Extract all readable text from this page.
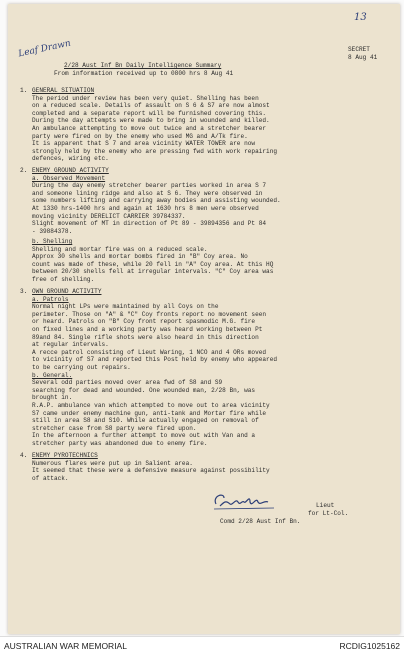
Leaf Drawn
13
SECRET
8 Aug 41
2/28 Aust Inf Bn Daily Intelligence Summary
From information received up to 0800 hrs 8 Aug 41
1. GENERAL SITUATION
The period under review has been very quiet. Shelling has been
on a reduced scale. Details of assault on S 6 & S7 are now almost
completed and a separate report will be furnished covering this.
During the day attempts were made to bring in wounded and killed.
An ambulance attempting to move out twice and a stretcher bearer
party were fired on by the enemy who used MG and A/Tk fire.
It is apparent that S 7 and area vicinity WATER TOWER are now
strongly held by the enemy who are pressing fwd with work repairing
defences, wiring etc.
2. ENEMY GROUND ACTIVITY
a. Observed Movement
During the day enemy stretcher bearer parties worked in area S 7
and someone lining ridge and also at S 6. They were observed in
some numbers lifting and carrying away bodies and assisting wounded.
At 1330 hrs-1400 hrs and again at 1630 hrs 8 men were observed
moving vicinity DERELICT CARRIER 39784337.
Slight movement of MT in direction of Pt 89 - 39894356 and Pt 84
- 39884378.
b. Shelling
Shelling and mortar fire was on a reduced scale.
Approx 30 shells and mortar bombs fired in "B" Coy area. No
count was made of these, while 20 fell in "A" Coy area. At this HQ
between 20/30 shells fell at irregular intervals. "C" Coy area was
free of shelling.
3. OWN GROUND ACTIVITY
a. Patrols
Normal night LPs were maintained by all Coys on the
perimeter. Those on "A" & "C" Coy fronts report no movement seen
or heard. Patrols on "B" Coy front report spasmodic M.G. fire
on fixed lines and a working party was heard working between Pt
89and 84. Single rifle shots were also heard in this direction
at regular intervals.
A recce patrol consisting of Lieut Waring, 1 NCO and 4 ORs moved
to vicinity of S7 and reported this Post held by enemy who appeared
to be carrying out repairs.
b. General.
Several odd parties moved over area fwd of S8 and S9
searching for dead and wounded. One wounded man, 2/28 Bn, was
brought in.
R.A.P. ambulance van which attempted to move out to area vicinity
S7 came under enemy machine gun, anti-tank and Mortar fire while
still in area S8 and S10. While actually engaged on removal of
stretcher case from S8 party were fired upon.
In the afternoon a further attempt to move out with Van and a
stretcher party was abandoned due to enemy fire.
4. ENEMY PYROTECHNICS
Numerous flares were put up in Salient area.
It seemed that these were a defensive measure against possibility
of attack.
Lieut
for Lt-Col.
Comd 2/28 Aust Inf Bn.
AUSTRALIAN WAR MEMORIAL	RCDIG1025162
